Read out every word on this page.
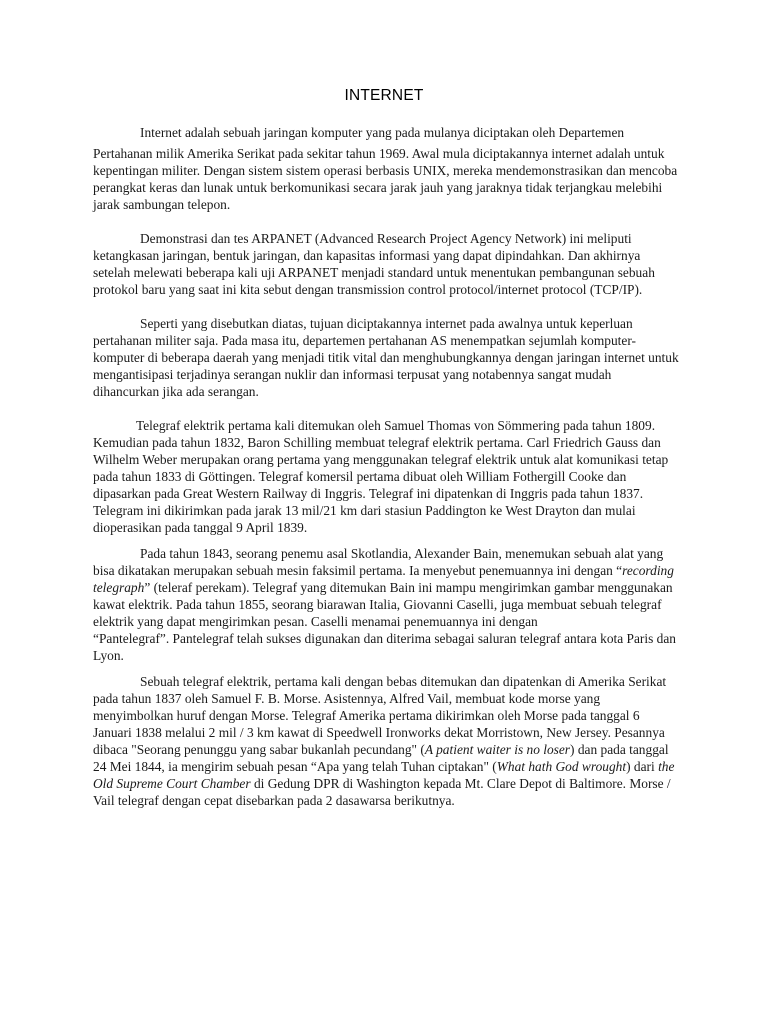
INTERNET

Internet adalah sebuah jaringan komputer yang pada mulanya diciptakan oleh Departemen

Pertahanan milik Amerika Serikat pada sekitar tahun 1969. Awal mula diciptakannya internet adalah untuk kepentingan militer. Dengan sistem sistem operasi berbasis UNIX, mereka mendemonstrasikan dan mencoba perangkat keras dan lunak untuk berkomunikasi secara jarak jauh yang jaraknya tidak terjangkau melebihi jarak sambungan telepon.

Demonstrasi dan tes ARPANET (Advanced Research Project Agency Network) ini meliputi ketangkasan jaringan, bentuk jaringan, dan kapasitas informasi yang dapat dipindahkan. Dan akhirnya setelah melewati beberapa kali uji ARPANET menjadi standard untuk menentukan pembangunan sebuah protokol baru yang saat ini kita sebut dengan transmission control protocol/internet protocol (TCP/IP).

Seperti yang disebutkan diatas, tujuan diciptakannya internet pada awalnya untuk keperluan pertahanan militer saja. Pada masa itu, departemen pertahanan AS menempatkan sejumlah komputer-komputer di beberapa daerah yang menjadi titik vital dan menghubungkannya dengan jaringan internet untuk mengantisipasi terjadinya serangan nuklir dan informasi terpusat yang notabennya sangat mudah dihancurkan jika ada serangan.

Telegraf elektrik pertama kali ditemukan oleh Samuel Thomas von Sömmering pada tahun 1809. Kemudian pada tahun 1832, Baron Schilling membuat telegraf elektrik pertama. Carl Friedrich Gauss dan Wilhelm Weber merupakan orang pertama yang menggunakan telegraf elektrik untuk alat komunikasi tetap pada tahun 1833 di Göttingen. Telegraf komersil pertama dibuat oleh William Fothergill Cooke dan dipasarkan pada Great Western Railway di Inggris. Telegraf ini dipatenkan di Inggris pada tahun 1837. Telegram ini dikirimkan pada jarak 13 mil/21 km dari stasiun Paddington ke West Drayton dan mulai dioperasikan pada tanggal 9 April 1839.

Pada tahun 1843, seorang penemu asal Skotlandia, Alexander Bain, menemukan sebuah alat yang bisa dikatakan merupakan sebuah mesin faksimil pertama. Ia menyebut penemuannya ini dengan “recording telegraph” (teleraf perekam). Telegraf yang ditemukan Bain ini mampu mengirimkan gambar menggunakan kawat elektrik. Pada tahun 1855, seorang biarawan Italia, Giovanni Caselli, juga membuat sebuah telegraf elektrik yang dapat mengirimkan pesan. Caselli menamai penemuannya ini dengan
“Pantelegraf”. Pantelegraf telah sukses digunakan dan diterima sebagai saluran telegraf antara kota Paris dan Lyon.

Sebuah telegraf elektrik, pertama kali dengan bebas ditemukan dan dipatenkan di Amerika Serikat pada tahun 1837 oleh Samuel F. B. Morse. Asistennya, Alfred Vail, membuat kode morse yang menyimbolkan huruf dengan Morse. Telegraf Amerika pertama dikirimkan oleh Morse pada tanggal 6 Januari 1838 melalui 2 mil / 3 km kawat di Speedwell Ironworks dekat Morristown, New Jersey. Pesannya dibaca "Seorang penunggu yang sabar bukanlah pecundang" (A patient waiter is no loser) dan pada tanggal 24 Mei 1844, ia mengirim sebuah pesan “Apa yang telah Tuhan ciptakan" (What hath God wrought) dari the Old Supreme Court Chamber di Gedung DPR di Washington kepada Mt. Clare Depot di Baltimore. Morse / Vail telegraf dengan cepat disebarkan pada 2 dasawarsa berikutnya.
